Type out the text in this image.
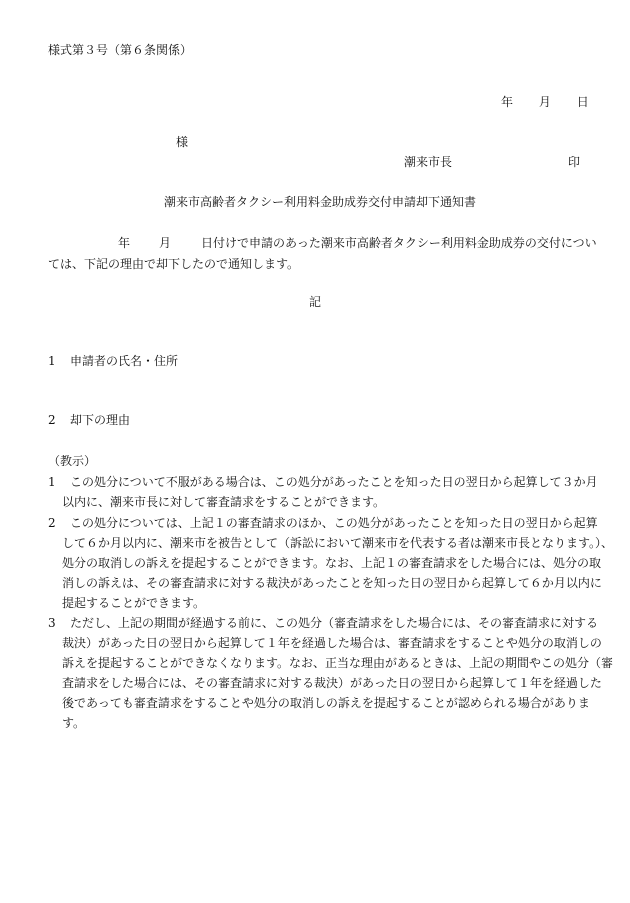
様式第３号（第６条関係）
年 月 日
様
潮来市長	印
潮来市高齢者タクシー利用料金助成券交付申請却下通知書
年 月 日付けで申請のあった潮来市高齢者タクシー利用料金助成券の交付につい
ては、下記の理由で却下したので通知します。
記
1 申請者の氏名・住所
2 却下の理由
（教示）
1 この処分について不服がある場合は、この処分があったことを知った日の翌日から起算して３か月
以内に、潮来市長に対して審査請求をすることができます。
2 この処分については、上記１の審査請求のほか、この処分があったことを知った日の翌日から起算
して６か月以内に、潮来市を被告として（訴訟において潮来市を代表する者は潮来市長となります。）、
処分の取消しの訴えを提起することができます。なお、上記１の審査請求をした場合には、処分の取
消しの訴えは、その審査請求に対する裁決があったことを知った日の翌日から起算して６か月以内に
提起することができます。
3 ただし、上記の期間が経過する前に、この処分（審査請求をした場合には、その審査請求に対する
裁決）があった日の翌日から起算して１年を経過した場合は、審査請求をすることや処分の取消しの
訴えを提起することができなくなります。なお、正当な理由があるときは、上記の期間やこの処分（審
査請求をした場合には、その審査請求に対する裁決）があった日の翌日から起算して１年を経過した
後であっても審査請求をすることや処分の取消しの訴えを提起することが認められる場合がありま
す。
